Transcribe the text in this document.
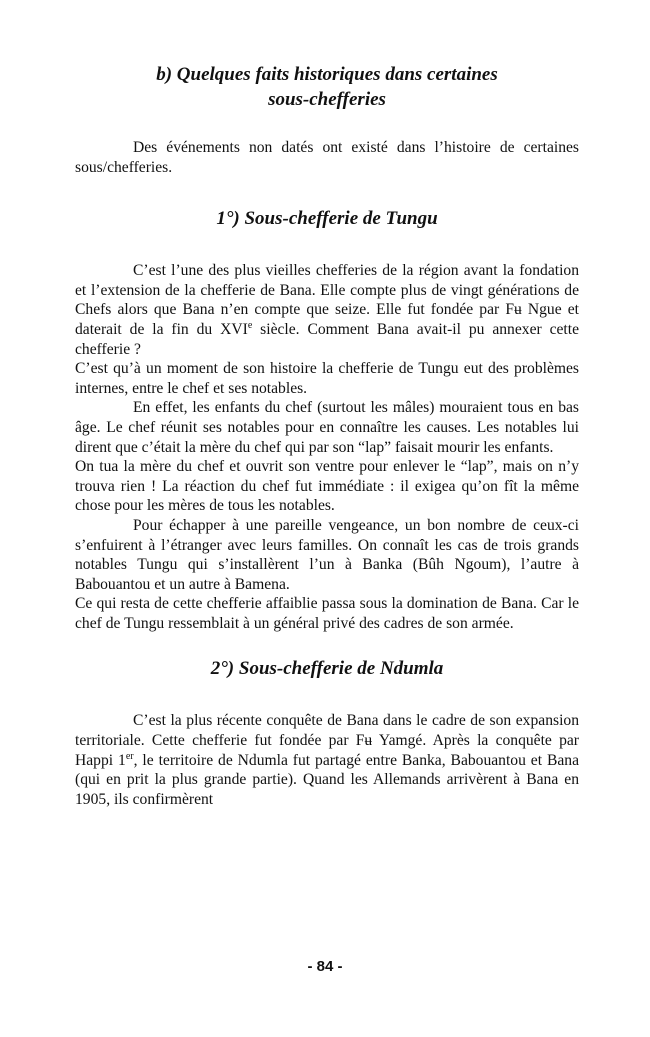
b) Quelques faits historiques dans certaines
sous-chefferies

Des événements non datés ont existé dans l’histoire de certaines sous/chefferies.

1°) Sous-chefferie de Tungu

C’est l’une des plus vieilles chefferies de la région avant la fondation et l’extension de la chefferie de Bana. Elle compte plus de vingt générations de Chefs alors que Bana n’en compte que seize. Elle fut fondée par Fʉ Ngue et daterait de la fin du XVIe siècle. Comment Bana avait-il pu annexer cette chefferie ?

C’est qu’à un moment de son histoire la chefferie de Tungu eut des problèmes internes, entre le chef et ses notables.

En effet, les enfants du chef (surtout les mâles) mouraient tous en bas âge. Le chef réunit ses notables pour en connaître les causes. Les notables lui dirent que c’était la mère du chef qui par son “lap” faisait mourir les enfants.

On tua la mère du chef et ouvrit son ventre pour enlever le “lap”, mais on n’y trouva rien ! La réaction du chef fut immédiate : il exigea qu’on fît la même chose pour les mères de tous les notables.

Pour échapper à une pareille vengeance, un bon nombre de ceux-ci s’enfuirent à l’étranger avec leurs familles. On connaît les cas de trois grands notables Tungu qui s’installèrent l’un à Banka (Bûh Ngoum), l’autre à Babouantou et un autre à Bamena.

Ce qui resta de cette chefferie affaiblie passa sous la domination de Bana. Car le chef de Tungu ressemblait à un général privé des cadres de son armée.

2°) Sous-chefferie de Ndumla

C’est la plus récente conquête de Bana dans le cadre de son expansion territoriale. Cette chefferie fut fondée par Fʉ Yamgé. Après la conquête par Happi 1er, le territoire de Ndumla fut partagé entre Banka, Babouantou et Bana (qui en prit la plus grande partie). Quand les Allemands arrivèrent à Bana en 1905, ils confirmèrent

- 84 -
